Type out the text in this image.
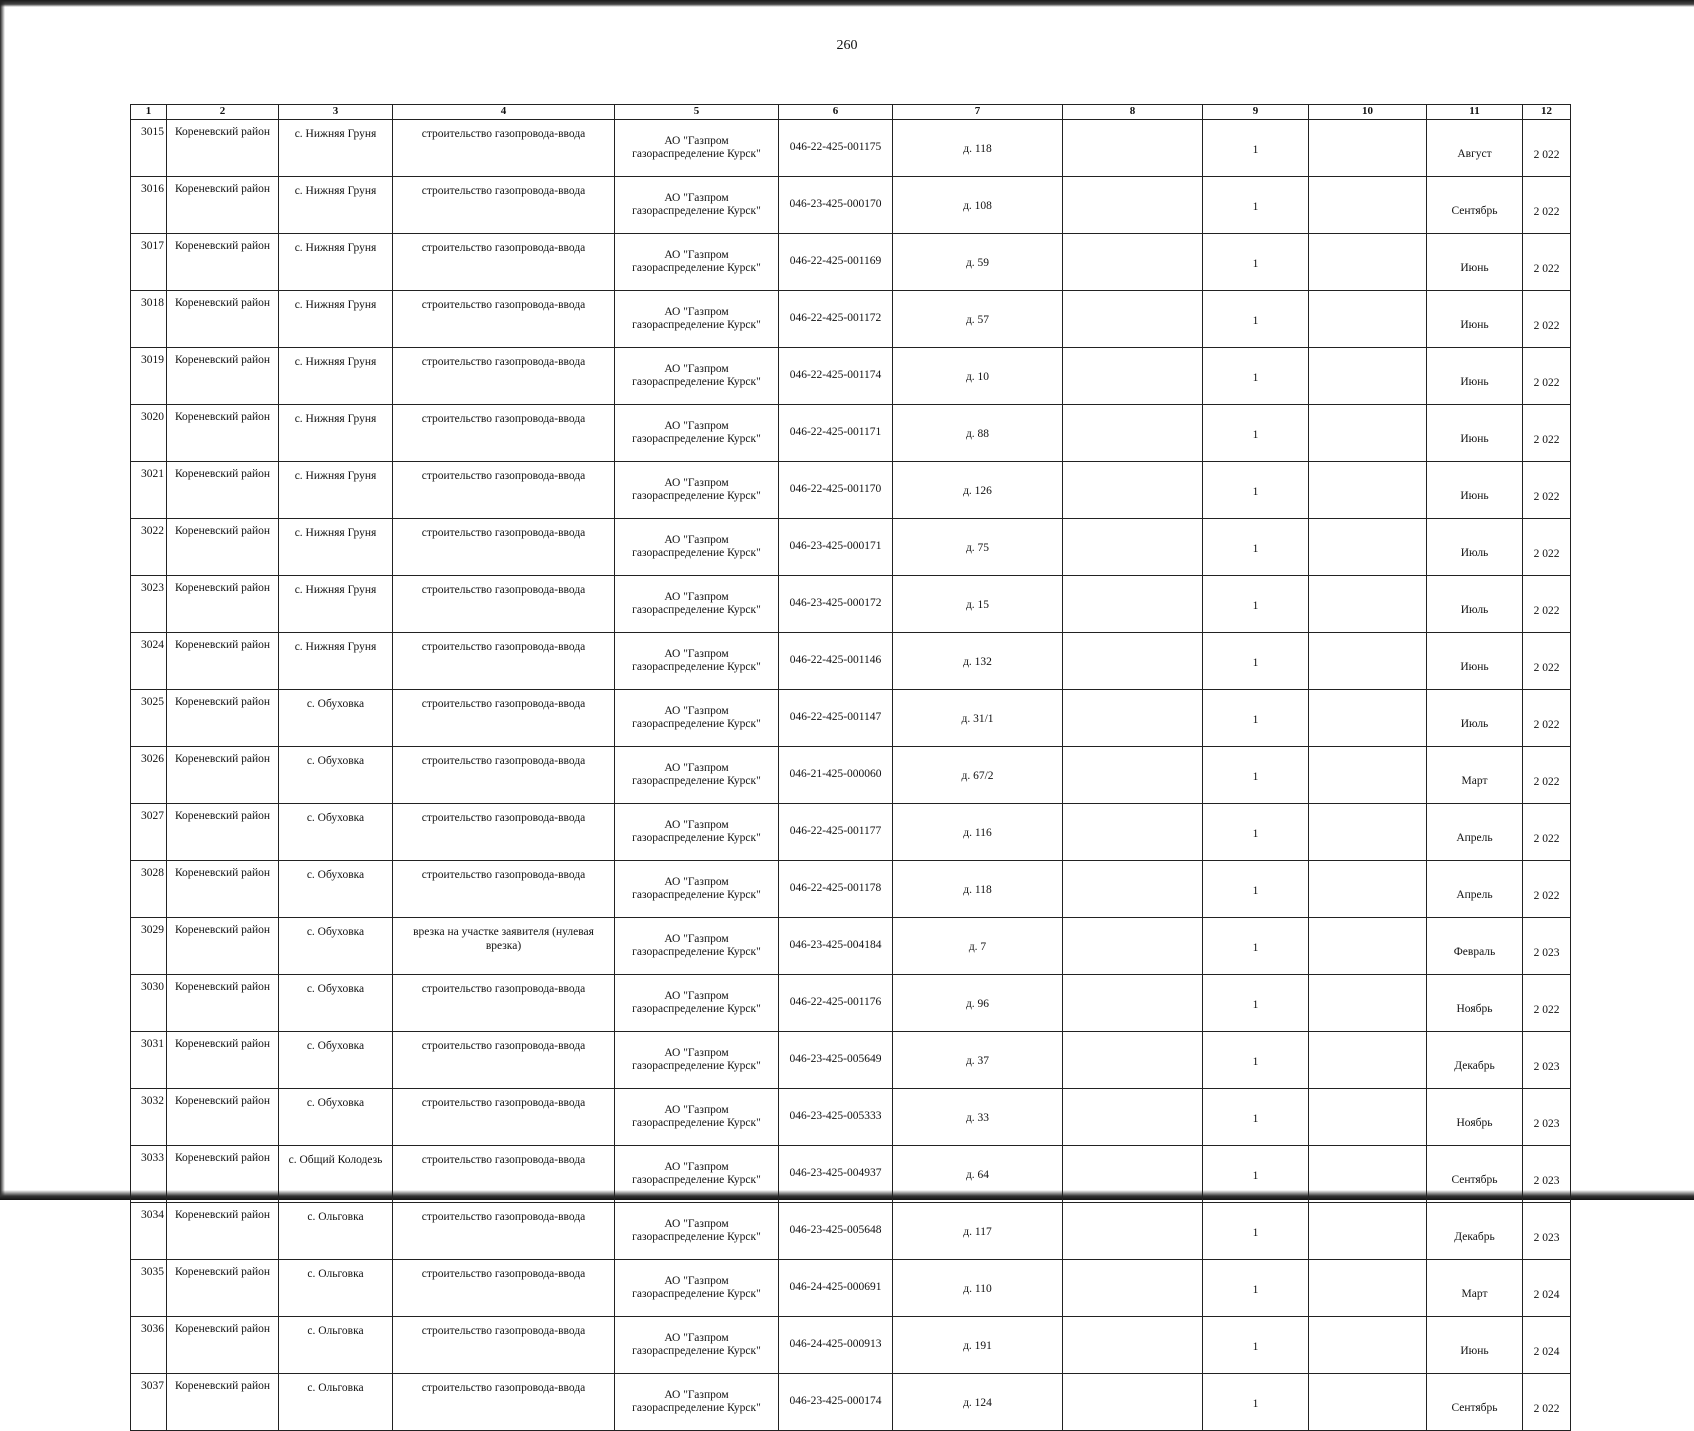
260
1	2	3	4	5	6	7	8	9	10	11	12
3015	Кореневский район	с. Нижняя Груня	строительство газопровода-ввода	АО "Газпром
газораспределение Курск"	046-22-425-001175	д. 118		1		Август	2 022
3016	Кореневский район	с. Нижняя Груня	строительство газопровода-ввода	АО "Газпром
газораспределение Курск"	046-23-425-000170	д. 108		1		Сентябрь	2 022
3017	Кореневский район	с. Нижняя Груня	строительство газопровода-ввода	АО "Газпром
газораспределение Курск"	046-22-425-001169	д. 59		1		Июнь	2 022
3018	Кореневский район	с. Нижняя Груня	строительство газопровода-ввода	АО "Газпром
газораспределение Курск"	046-22-425-001172	д. 57		1		Июнь	2 022
3019	Кореневский район	с. Нижняя Груня	строительство газопровода-ввода	АО "Газпром
газораспределение Курск"	046-22-425-001174	д. 10		1		Июнь	2 022
3020	Кореневский район	с. Нижняя Груня	строительство газопровода-ввода	АО "Газпром
газораспределение Курск"	046-22-425-001171	д. 88		1		Июнь	2 022
3021	Кореневский район	с. Нижняя Груня	строительство газопровода-ввода	АО "Газпром
газораспределение Курск"	046-22-425-001170	д. 126		1		Июнь	2 022
3022	Кореневский район	с. Нижняя Груня	строительство газопровода-ввода	АО "Газпром
газораспределение Курск"	046-23-425-000171	д. 75		1		Июль	2 022
3023	Кореневский район	с. Нижняя Груня	строительство газопровода-ввода	АО "Газпром
газораспределение Курск"	046-23-425-000172	д. 15		1		Июль	2 022
3024	Кореневский район	с. Нижняя Груня	строительство газопровода-ввода	АО "Газпром
газораспределение Курск"	046-22-425-001146	д. 132		1		Июнь	2 022
3025	Кореневский район	с. Обуховка	строительство газопровода-ввода	АО "Газпром
газораспределение Курск"	046-22-425-001147	д. 31/1		1		Июль	2 022
3026	Кореневский район	с. Обуховка	строительство газопровода-ввода	АО "Газпром
газораспределение Курск"	046-21-425-000060	д. 67/2		1		Март	2 022
3027	Кореневский район	с. Обуховка	строительство газопровода-ввода	АО "Газпром
газораспределение Курск"	046-22-425-001177	д. 116		1		Апрель	2 022
3028	Кореневский район	с. Обуховка	строительство газопровода-ввода	АО "Газпром
газораспределение Курск"	046-22-425-001178	д. 118		1		Апрель	2 022
3029	Кореневский район	с. Обуховка	врезка на участке заявителя (нулевая врезка)	АО "Газпром
газораспределение Курск"	046-23-425-004184	д. 7		1		Февраль	2 023
3030	Кореневский район	с. Обуховка	строительство газопровода-ввода	АО "Газпром
газораспределение Курск"	046-22-425-001176	д. 96		1		Ноябрь	2 022
3031	Кореневский район	с. Обуховка	строительство газопровода-ввода	АО "Газпром
газораспределение Курск"	046-23-425-005649	д. 37		1		Декабрь	2 023
3032	Кореневский район	с. Обуховка	строительство газопровода-ввода	АО "Газпром
газораспределение Курск"	046-23-425-005333	д. 33		1		Ноябрь	2 023
3033	Кореневский район	с. Общий Колодезь	строительство газопровода-ввода	АО "Газпром
газораспределение Курск"	046-23-425-004937	д. 64		1		Сентябрь	2 023
3034	Кореневский район	с. Ольговка	строительство газопровода-ввода	АО "Газпром
газораспределение Курск"	046-23-425-005648	д. 117		1		Декабрь	2 023
3035	Кореневский район	с. Ольговка	строительство газопровода-ввода	АО "Газпром
газораспределение Курск"	046-24-425-000691	д. 110		1		Март	2 024
3036	Кореневский район	с. Ольговка	строительство газопровода-ввода	АО "Газпром
газораспределение Курск"	046-24-425-000913	д. 191		1		Июнь	2 024
3037	Кореневский район	с. Ольговка	строительство газопровода-ввода	АО "Газпром
газораспределение Курск"	046-23-425-000174	д. 124		1		Сентябрь	2 022
